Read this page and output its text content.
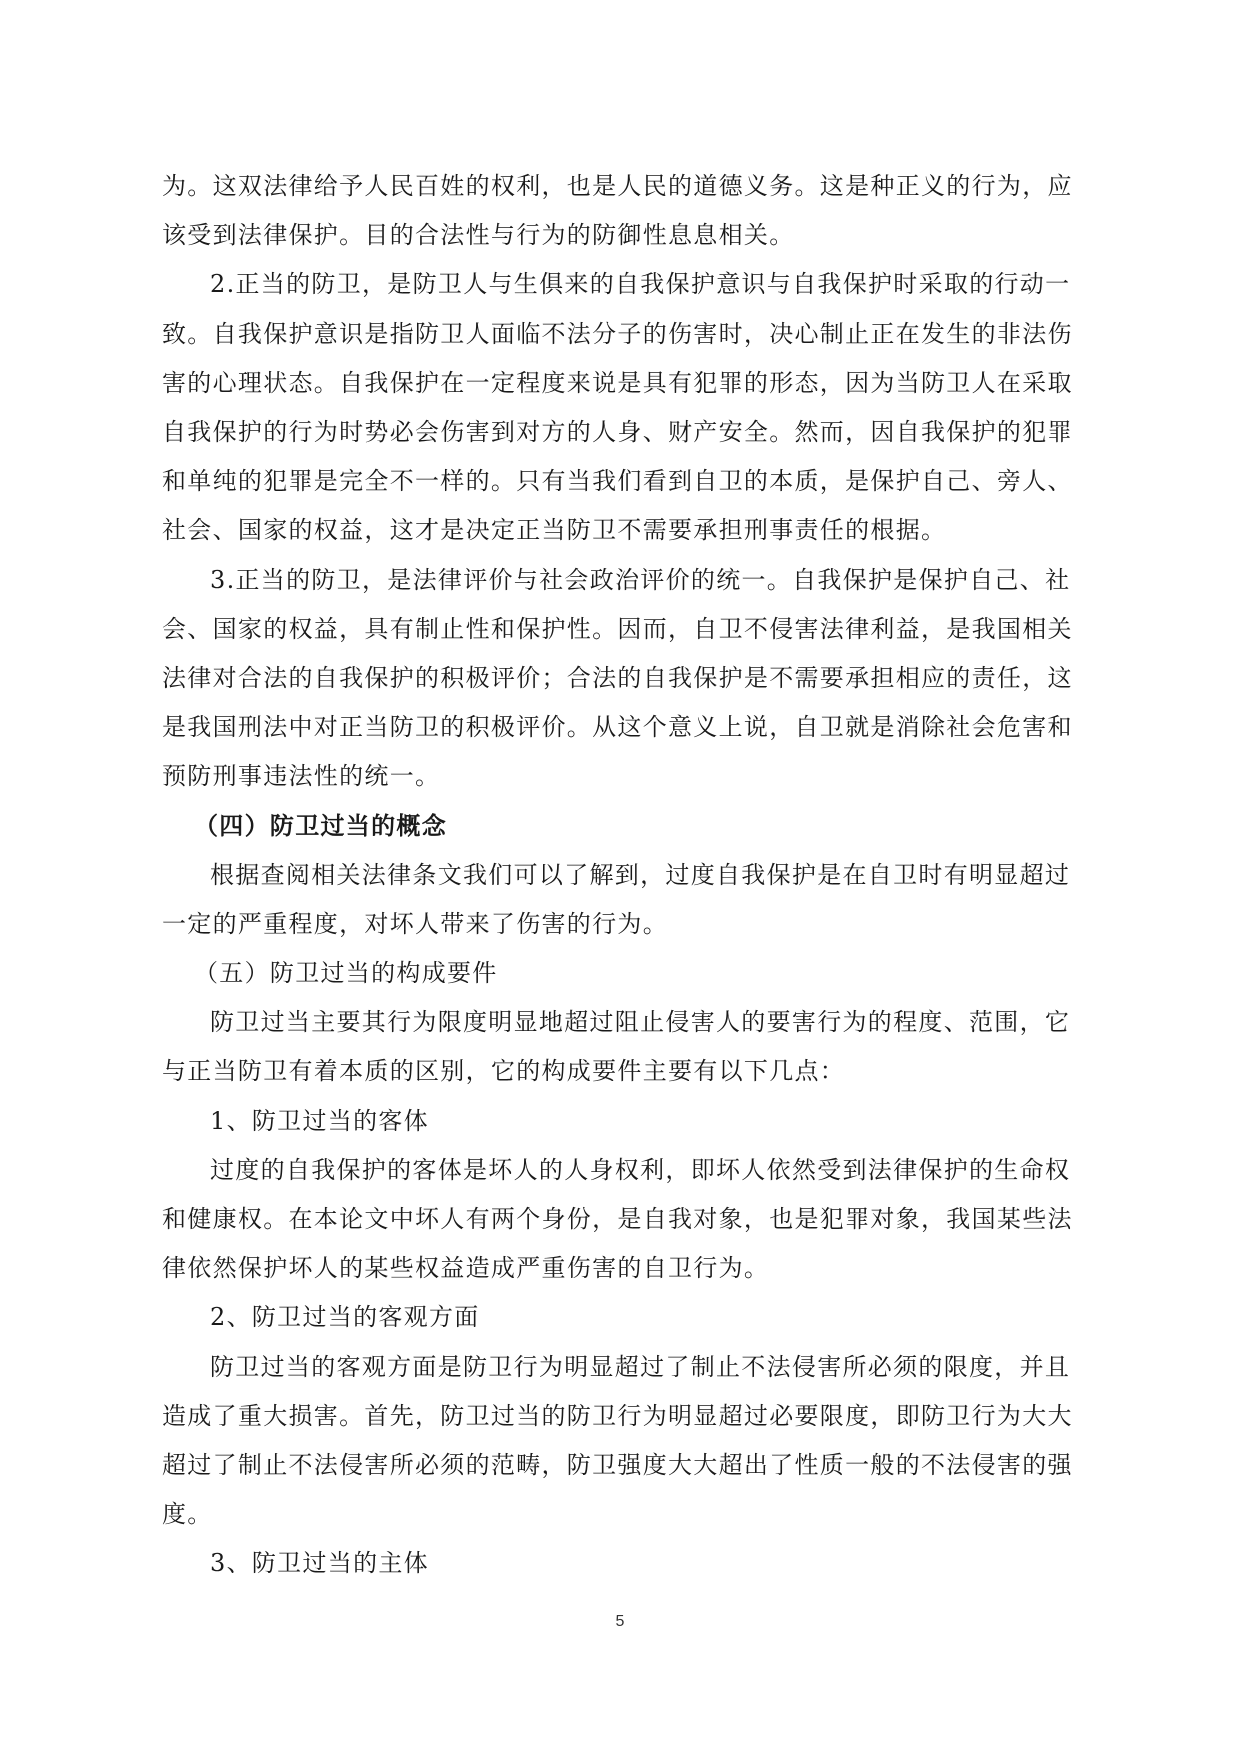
为。这双法律给予人民百姓的权利，也是人民的道德义务。这是种正义的行为，应
该受到法律保护。目的合法性与行为的防御性息息相关。
2.正当的防卫，是防卫人与生俱来的自我保护意识与自我保护时采取的行动一
致。自我保护意识是指防卫人面临不法分子的伤害时，决心制止正在发生的非法伤
害的心理状态。自我保护在一定程度来说是具有犯罪的形态，因为当防卫人在采取
自我保护的行为时势必会伤害到对方的人身、财产安全。然而，因自我保护的犯罪
和单纯的犯罪是完全不一样的。只有当我们看到自卫的本质，是保护自己、旁人、
社会、国家的权益，这才是决定正当防卫不需要承担刑事责任的根据。
3.正当的防卫，是法律评价与社会政治评价的统一。自我保护是保护自己、社
会、国家的权益，具有制止性和保护性。因而，自卫不侵害法律利益，是我国相关
法律对合法的自我保护的积极评价；合法的自我保护是不需要承担相应的责任，这
是我国刑法中对正当防卫的积极评价。从这个意义上说，自卫就是消除社会危害和
预防刑事违法性的统一。
（四）防卫过当的概念
根据查阅相关法律条文我们可以了解到，过度自我保护是在自卫时有明显超过
一定的严重程度，对坏人带来了伤害的行为。
（五）防卫过当的构成要件
防卫过当主要其行为限度明显地超过阻止侵害人的要害行为的程度、范围，它
与正当防卫有着本质的区别，它的构成要件主要有以下几点：
1、防卫过当的客体
过度的自我保护的客体是坏人的人身权利，即坏人依然受到法律保护的生命权
和健康权。在本论文中坏人有两个身份，是自我对象，也是犯罪对象，我国某些法
律依然保护坏人的某些权益造成严重伤害的自卫行为。
2、防卫过当的客观方面
防卫过当的客观方面是防卫行为明显超过了制止不法侵害所必须的限度，并且
造成了重大损害。首先，防卫过当的防卫行为明显超过必要限度，即防卫行为大大
超过了制止不法侵害所必须的范畴，防卫强度大大超出了性质一般的不法侵害的强
度。
3、防卫过当的主体
5
